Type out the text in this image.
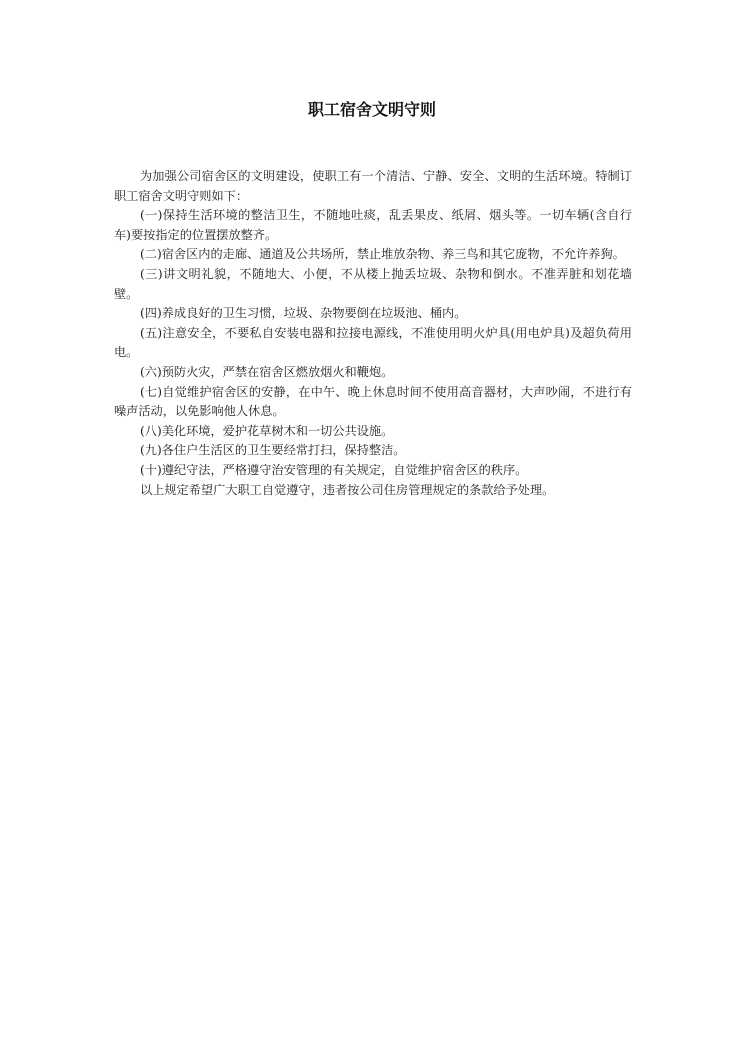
职工宿舍文明守则

为加强公司宿舍区的文明建设，使职工有一个清洁、宁静、安全、文明的生活环境。特制订职工宿舍文明守则如下：

(一)保持生活环境的整洁卫生，不随地吐痰，乱丢果皮、纸屑、烟头等。一切车辆(含自行车)要按指定的位置摆放整齐。

(二)宿舍区内的走廊、通道及公共场所，禁止堆放杂物、养三鸟和其它庞物，不允许养狗。

(三)讲文明礼貌，不随地大、小便，不从楼上抛丢垃圾、杂物和倒水。不准弄脏和划花墙壁。

(四)养成良好的卫生习惯，垃圾、杂物要倒在垃圾池、桶内。

(五)注意安全，不要私自安装电器和拉接电源线，不准使用明火炉具(用电炉具)及超负荷用电。

(六)预防火灾，严禁在宿舍区燃放烟火和鞭炮。

(七)自觉维护宿舍区的安静，在中午、晚上休息时间不使用高音器材，大声吵闹，不进行有噪声活动，以免影响他人休息。

(八)美化环境，爱护花草树木和一切公共设施。

(九)各住户生活区的卫生要经常打扫，保持整洁。

(十)遵纪守法，严格遵守治安管理的有关规定，自觉维护宿舍区的秩序。

以上规定希望广大职工自觉遵守，违者按公司住房管理规定的条款给予处理。
